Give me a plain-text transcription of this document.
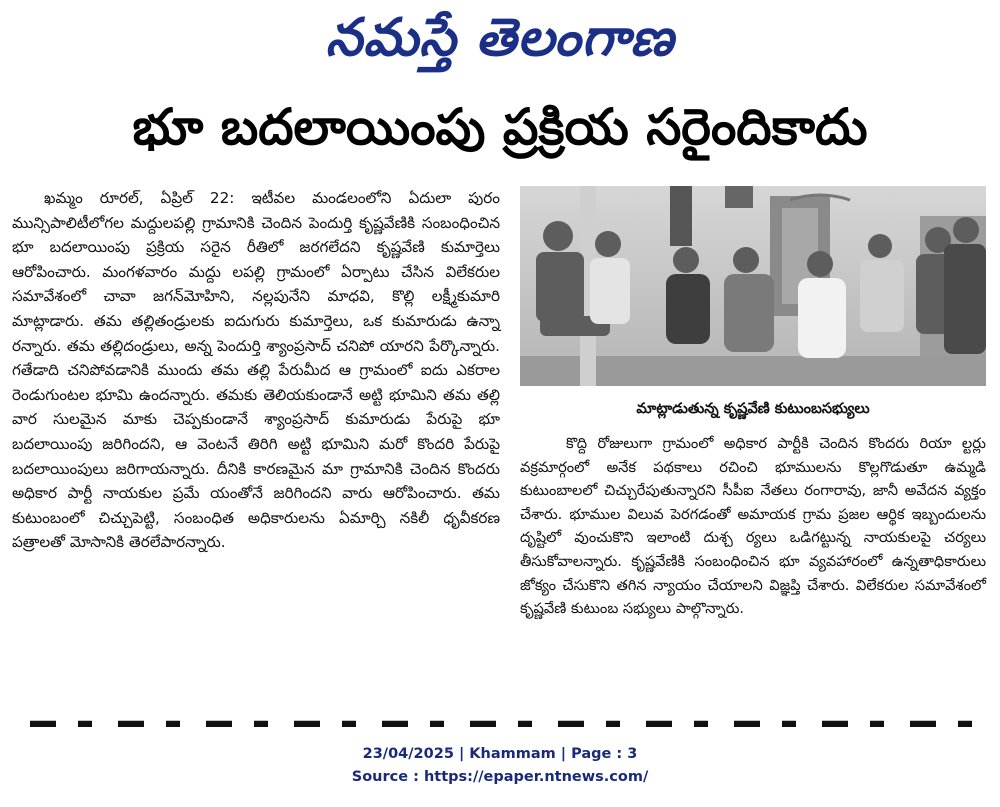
నమస్తే తెలంగాణ
భూ బదలాయింపు ప్రక్రియ సరైందికాదు

ఖమ్మం రూరల్, ఏప్రిల్ 22: ఇటీవల మండలంలోని ఏదులా పురం మున్సిపాలిటీలోగల మద్దులపల్లి గ్రామానికి చెందిన పెందుర్తి కృష్ణవేణికి సంబంధించిన భూ బదలాయింపు ప్రక్రియ సరైన రీతిలో జరగలేదని కృష్ణవేణి కుమార్తెలు ఆరోపించారు. మంగళవారం మద్దు లపల్లి గ్రామంలో ఏర్పాటు చేసిన విలేకరుల సమావేశంలో చావా జగన్‌మోహిని, నల్లపునేని మాధవి, కొల్లి లక్ష్మీకుమారి మాట్లాడారు. తమ తల్లితండ్రులకు ఐదుగురు కుమార్తెలు, ఒక కుమారుడు ఉన్నా రన్నారు. తమ తల్లిదండ్రులు, అన్న పెందుర్తి శ్యాంప్రసాద్ చనిపో యారని పేర్కొన్నారు. గతేడాది చనిపోవడానికి ముందు తమ తల్లి పేరుమీద ఆ గ్రామంలో ఐదు ఎకరాల రెండుగుంటల భూమి ఉందన్నారు. తమకు తెలియకుండానే అట్టి భూమిని తమ తల్లి వార సులమైన మాకు చెప్పకుండానే శ్యాంప్రసాద్ కుమారుడు పేరుపై భూ బదలాయింపు జరిగిందని, ఆ వెంటనే తిరిగి అట్టి భూమిని మరో కొందరి పేరుపై బదలాయింపులు జరిగాయన్నారు. దీనికి కారణమైన మా గ్రామానికి చెందిన కొందరు అధికార పార్టీ నాయకుల ప్రమే యంతోనే జరిగిందని వారు ఆరోపించారు. తమ కుటుంబంలో చిచ్చుపెట్టి, సంబంధిత అధికారులను ఏమార్చి నకిలీ ధృవీకరణ పత్రాలతో మోసానికి తెరలేపారన్నారు.

మాట్లాడుతున్న కృష్ణవేణి కుటుంబసభ్యులు

కొద్ది రోజులుగా గ్రామంలో అధికార పార్టీకి చెందిన కొందరు రియా ల్టర్లు వక్రమార్గంలో అనేక పథకాలు రచించి భూములను కొల్లగొడుతూ ఉమ్మడి కుటుంబాలలో చిచ్చురేపుతున్నారని సీపీఐ నేతలు రంగారావు, జానీ అవేదన వ్యక్తం చేశారు. భూముల విలువ పెరగడంతో అమాయక గ్రామ ప్రజల ఆర్థిక ఇబ్బందులను దృష్టిలో వుంచుకొని ఇలాంటి దుశ్చ ర్యలు ఒడిగట్టున్న నాయకులపై చర్యలు తీసుకోవాలన్నారు. కృష్ణవేణికి సంబంధించిన భూ వ్యవహారంలో ఉన్నతాధికారులు జోక్యం చేసుకొని తగిన న్యాయం చేయాలని విజ్ఞప్తి చేశారు. విలేకరుల సమావేశంలో కృష్ణవేణి కుటుంబ సభ్యులు పాల్గొన్నారు.

23/04/2025 | Khammam | Page : 3
Source : https://epaper.ntnews.com/
